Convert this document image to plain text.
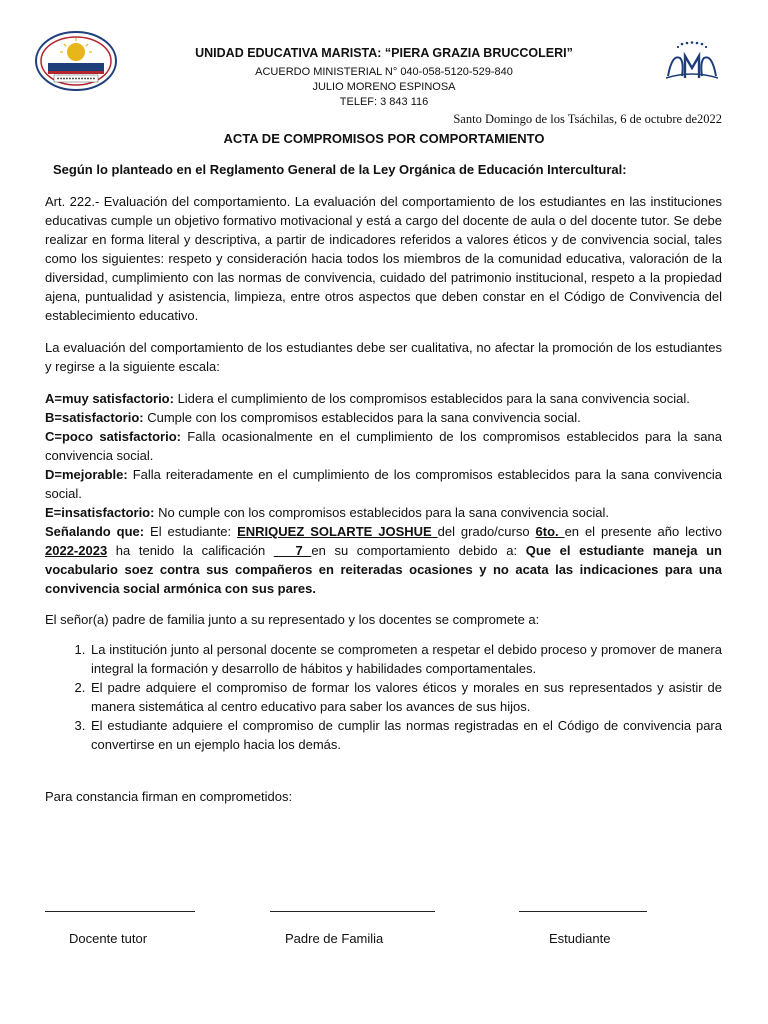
UNIDAD EDUCATIVA MARISTA: “PIERA GRAZIA BRUCCOLERI”
ACUERDO MINISTERIAL N° 040-058-5120-529-840
JULIO MORENO ESPINOSA
TELEF: 3 843 116
Santo Domingo de los Tsáchilas, 6 de octubre de2022
ACTA DE COMPROMISOS POR COMPORTAMIENTO
Según lo planteado en el Reglamento General de la Ley Orgánica de Educación Intercultural:
Art. 222.- Evaluación del comportamiento. La evaluación del comportamiento de los estudiantes en las instituciones educativas cumple un objetivo formativo motivacional y está a cargo del docente de aula o del docente tutor. Se debe realizar en forma literal y descriptiva, a partir de indicadores referidos a valores éticos y de convivencia social, tales como los siguientes: respeto y consideración hacia todos los miembros de la comunidad educativa, valoración de la diversidad, cumplimiento con las normas de convivencia, cuidado del patrimonio institucional, respeto a la propiedad ajena, puntualidad y asistencia, limpieza, entre otros aspectos que deben constar en el Código de Convivencia del establecimiento educativo.
La evaluación del comportamiento de los estudiantes debe ser cualitativa, no afectar la promoción de los estudiantes y regirse a la siguiente escala:
A=muy satisfactorio: Lidera el cumplimiento de los compromisos establecidos para la sana convivencia social.
B=satisfactorio: Cumple con los compromisos establecidos para la sana convivencia social.
C=poco satisfactorio: Falla ocasionalmente en el cumplimiento de los compromisos establecidos para la sana convivencia social.
D=mejorable: Falla reiteradamente en el cumplimiento de los compromisos establecidos para la sana convivencia social.
E=insatisfactorio: No cumple con los compromisos establecidos para la sana convivencia social.
Señalando que: El estudiante: ENRIQUEZ SOLARTE JOSHUE del grado/curso 6to. en el presente año lectivo 2022-2023 ha tenido la calificación ___7 en su comportamiento debido a: Que el estudiante maneja un vocabulario soez contra sus compañeros en reiteradas ocasiones y no acata las indicaciones para una convivencia social armónica con sus pares.
El señor(a) padre de familia junto a su representado y los docentes se compromete a:
1. La institución junto al personal docente se comprometen a respetar el debido proceso y promover de manera integral la formación y desarrollo de hábitos y habilidades comportamentales.
2. El padre adquiere el compromiso de formar los valores éticos y morales en sus representados y asistir de manera sistemática al centro educativo para saber los avances de sus hijos.
3. El estudiante adquiere el compromiso de cumplir las normas registradas en el Código de convivencia para convertirse en un ejemplo hacia los demás.
Para constancia firman en comprometidos:
Docente tutor	Padre de Familia	Estudiante
